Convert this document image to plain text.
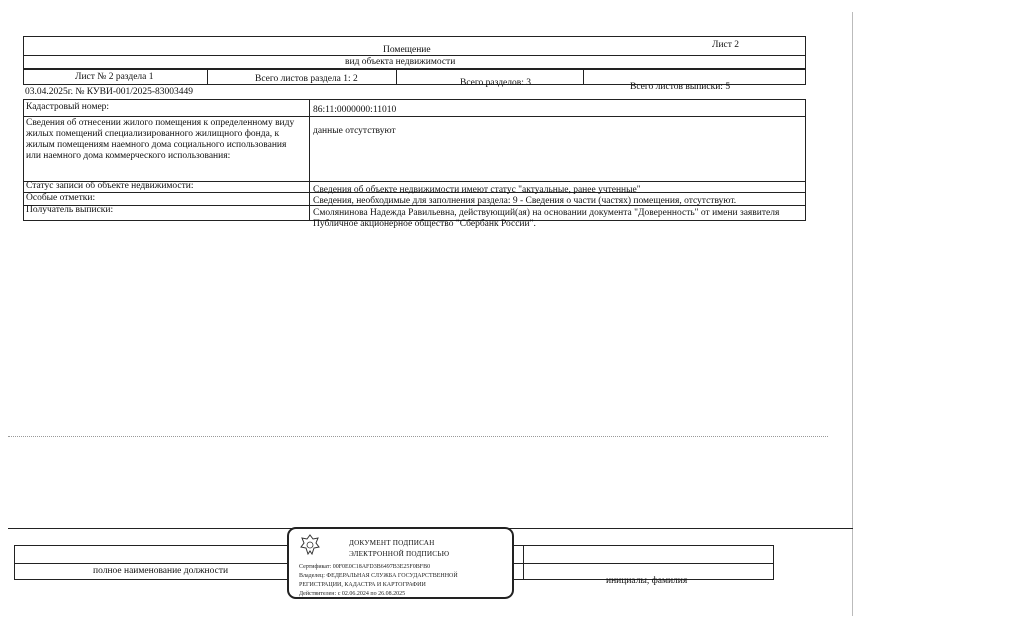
Лист 2
Помещение
вид объекта недвижимости
Лист № 2 раздела 1	Всего листов раздела 1: 2	Всего разделов: 3	Всего листов выписки: 5
03.04.2025г. № КУВИ-001/2025-83003449
Кадастровый номер:	86:11:0000000:11010
Сведения об отнесении жилого помещения к определенному виду жилых помещений специализированного жилищного фонда, к жилым помещениям наемного дома социального использования или наемного дома коммерческого использования:
данные отсутствуют
Статус записи об объекте недвижимости:	Сведения об объекте недвижимости имеют статус "актуальные, ранее учтенные"
Особые отметки:	Сведения, необходимые для заполнения раздела: 9 - Сведения о части (частях) помещения, отсутствуют.
Получатель выписки:	Смолянинова Надежда Равильевна, действующий(ая) на основании документа "Доверенность" от имени заявителя Публичное акционерное общество "Сбербанк России".
полное наименование должности
инициалы, фамилия
ДОКУМЕНТ ПОДПИСАН
ЭЛЕКТРОННОЙ ПОДПИСЬЮ
Сертификат: 00F0E0C18AFD3B6497B3E25F0BFB0
Владелец: ФЕДЕРАЛЬНАЯ СЛУЖБА ГОСУДАРСТВЕННОЙ
РЕГИСТРАЦИИ, КАДАСТРА И КАРТОГРАФИИ
Действителен: с 02.06.2024 по 26.08.2025
